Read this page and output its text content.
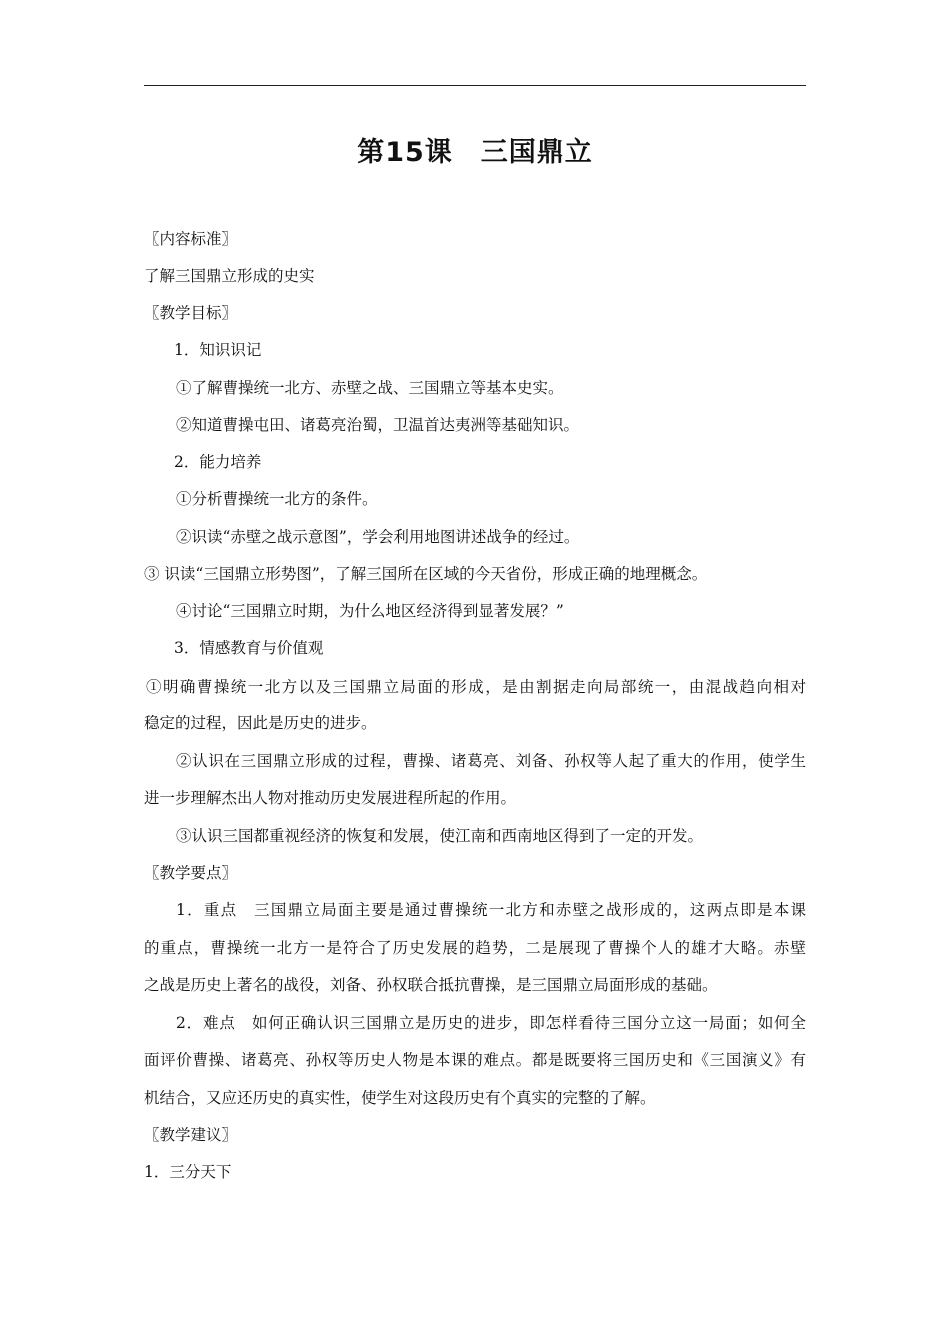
第15课　三国鼎立
〖内容标准〗
了解三国鼎立形成的史实
〖教学目标〗
1．知识识记
①了解曹操统一北方、赤壁之战、三国鼎立等基本史实。
②知道曹操屯田、诸葛亮治蜀，卫温首达夷洲等基础知识。
2．能力培养
①分析曹操统一北方的条件。
②识读“赤壁之战示意图”，学会利用地图讲述战争的经过。
③ 识读“三国鼎立形势图”，了解三国所在区域的今天省份，形成正确的地理概念。
④讨论“三国鼎立时期，为什么地区经济得到显著发展？”
3．情感教育与价值观
①明确曹操统一北方以及三国鼎立局面的形成，是由割据走向局部统一，由混战趋向相对
稳定的过程，因此是历史的进步。
②认识在三国鼎立形成的过程，曹操、诸葛亮、刘备、孙权等人起了重大的作用，使学生
进一步理解杰出人物对推动历史发展进程所起的作用。
③认识三国都重视经济的恢复和发展，使江南和西南地区得到了一定的开发。
〖教学要点〗
1．重点　三国鼎立局面主要是通过曹操统一北方和赤壁之战形成的，这两点即是本课
的重点，曹操统一北方一是符合了历史发展的趋势，二是展现了曹操个人的雄才大略。赤壁
之战是历史上著名的战役，刘备、孙权联合抵抗曹操，是三国鼎立局面形成的基础。
2．难点　如何正确认识三国鼎立是历史的进步，即怎样看待三国分立这一局面；如何全
面评价曹操、诸葛亮、孙权等历史人物是本课的难点。都是既要将三国历史和《三国演义》有
机结合，又应还历史的真实性，使学生对这段历史有个真实的完整的了解。
〖教学建议〗
1．三分天下
